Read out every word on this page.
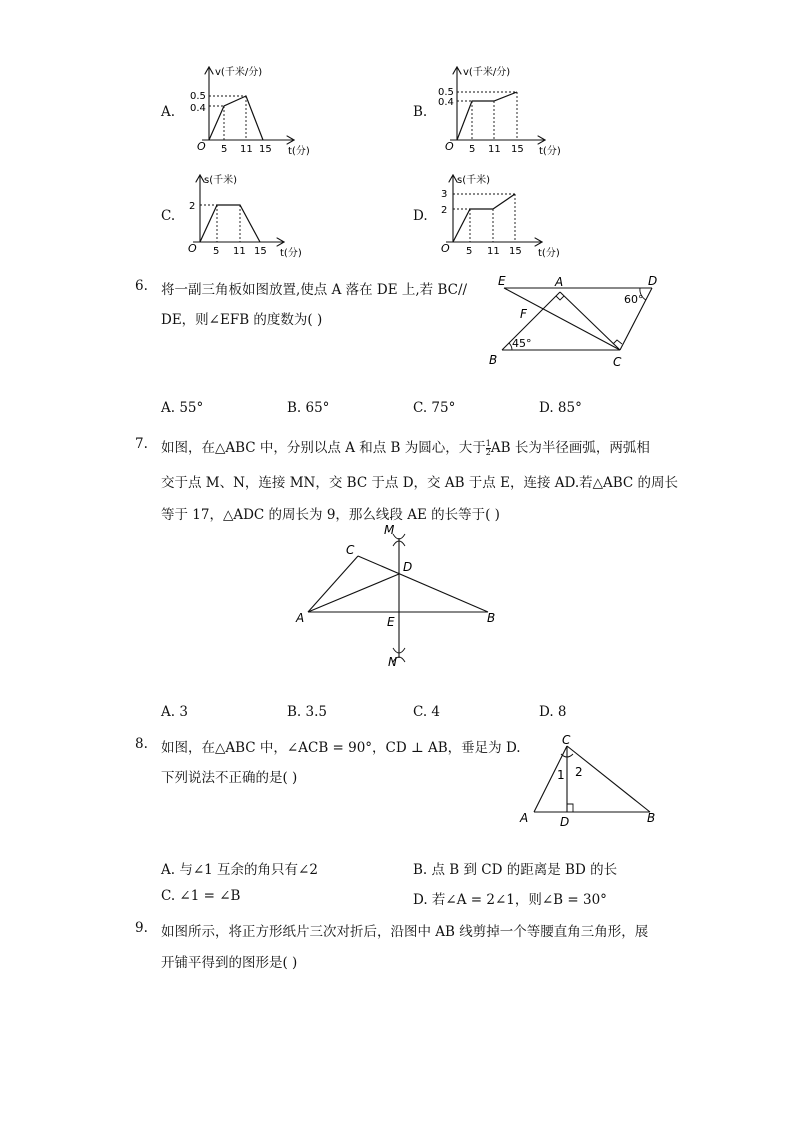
A.
v(千米/分)
t(分)
O
0.5
0.4
5 11 15
B.
v(千米/分)
t(分)
O
0.5
0.4
5 11 15
C.
s(千米)
t(分)
O
2
5 11 15
D.
s(千米)
t(分)
O
3
2
5 11 15
6. 将一副三角板如图放置,使点 A 落在 DE 上,若 BC//
DE，则∠EFB 的度数为( )
E	A	D
F
B	C
60°
45°
A. 55°	B. 65°	C. 75°	D. 85°
7. 如图，在△ABC 中，分别以点 A 和点 B 为圆心，大于 $\frac{1}{2}$ AB 长为半径画弧，两弧相
交于点 M、N，连接 MN，交 BC 于点 D，交 AB 于点 E，连接 AD.若△ABC 的周长
等于 17，△ADC 的周长为 9，那么线段 AE 的长等于( )
M
C
D
A	E	B
N
A. 3	B. 3.5	C. 4	D. 8
8. 如图，在△ABC 中，∠ACB = 90°，CD ⊥ AB，垂足为 D.
下列说法不正确的是( )
C
1 2
A	D	B
A. 与∠1 互余的角只有∠2	B. 点 B 到 CD 的距离是 BD 的长
C. ∠1 = ∠B	D. 若∠A = 2∠1，则∠B = 30°
9. 如图所示，将正方形纸片三次对折后，沿图中 AB 线剪掉一个等腰直角三角形，展
开铺平得到的图形是( )
